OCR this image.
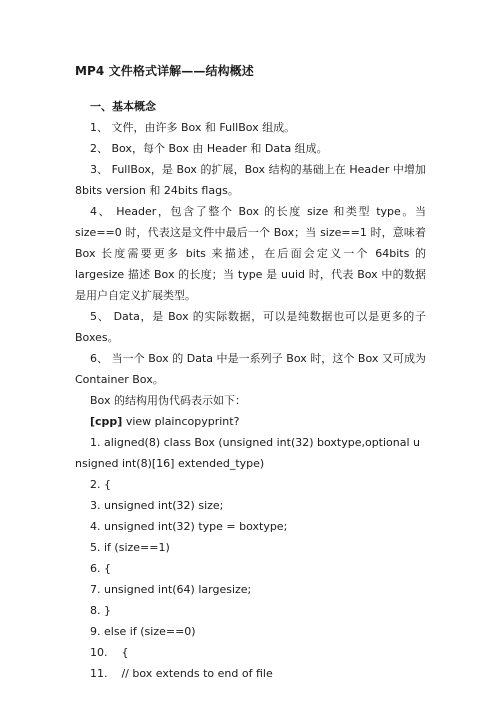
MP4 文件格式详解——结构概述

一、基本概念

1、 文件，由许多 Box 和 FullBox 组成。

2、 Box，每个 Box 由 Header 和 Data 组成。

3、 FullBox，是 Box 的扩展，Box 结构的基础上在 Header 中增加 8bits version 和 24bits flags。

4、 Header，包含了整个 Box 的长度 size 和类型 type。当 size==0 时，代表这是文件中最后一个 Box；当 size==1 时，意味着 Box 长度需要更多 bits 来描述，在后面会定义一个 64bits 的 largesize 描述 Box 的长度；当 type 是 uuid 时，代表 Box 中的数据是用户自定义扩展类型。

5、 Data，是 Box 的实际数据，可以是纯数据也可以是更多的子 Boxes。

6、 当一个 Box 的 Data 中是一系列子 Box 时，这个 Box 又可成为 Container Box。

Box 的结构用伪代码表示如下：

[cpp] view plaincopyprint?

1. aligned(8) class Box (unsigned int(32) boxtype,optional unsigned int(8)[16] extended_type)

2. {

3. unsigned int(32) size;

4. unsigned int(32) type = boxtype;

5. if (size==1)

6. {

7. unsigned int(64) largesize;

8. }

9. else if (size==0)

10.    {

11.    // box extends to end of file
